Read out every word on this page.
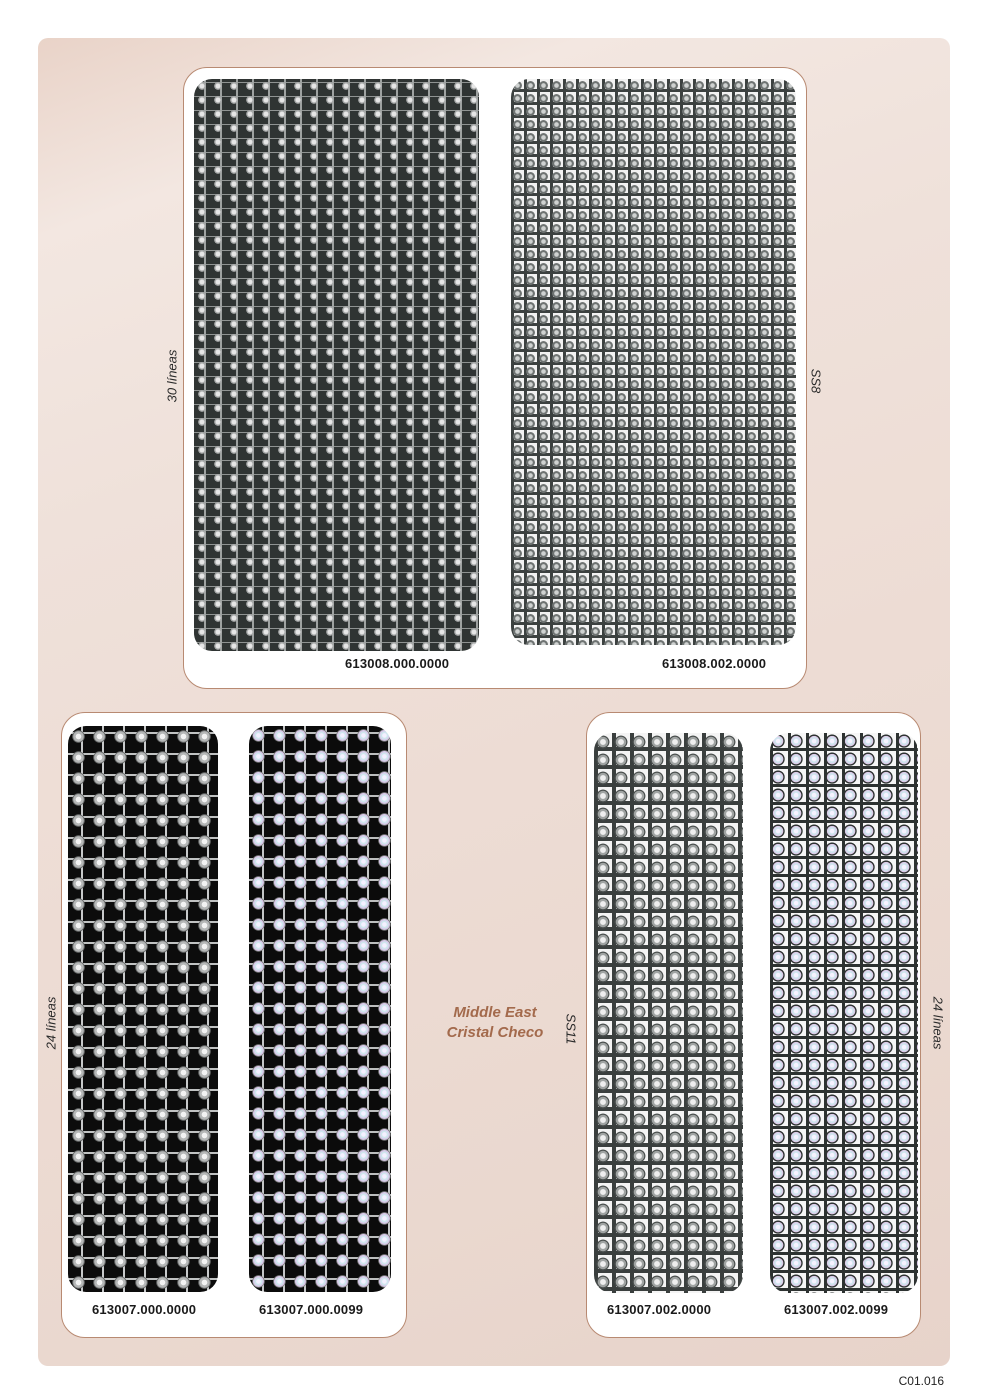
613008.000.0000	613008.002.0000
30 líneas	SS8
613007.000.0000	613007.000.0099
24 líneas	Middle East
Cristal Checo
613007.002.0000	613007.002.0099
SS11	24 líneas
C01.016
